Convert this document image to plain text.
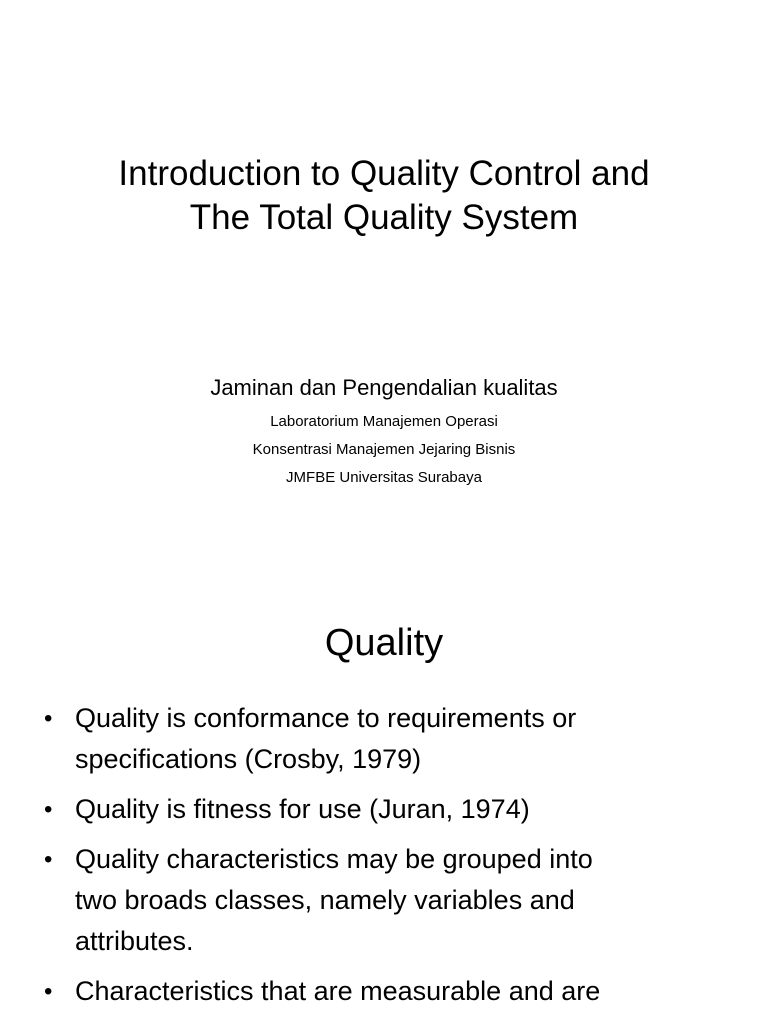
Introduction to Quality Control and
The Total Quality System
Jaminan dan Pengendalian kualitas
Laboratorium Manajemen Operasi
Konsentrasi Manajemen Jejaring Bisnis
JMFBE Universitas Surabaya
Quality
• Quality is conformance to requirements or
specifications (Crosby, 1979)
• Quality is fitness for use (Juran, 1974)
• Quality characteristics may be grouped into
two broads classes, namely variables and
attributes.
• Characteristics that are measurable and are
